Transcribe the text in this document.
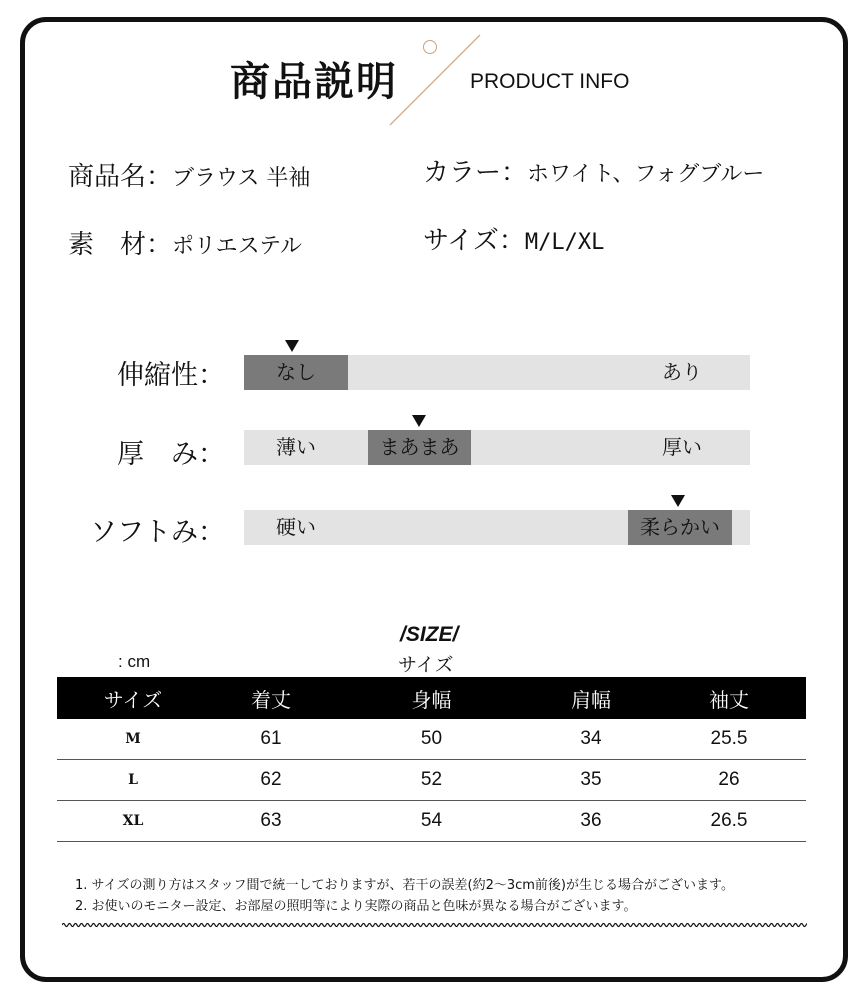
商品説明	PRODUCT INFO
商品名：ブラウス 半袖	カラー：ホワイト、フォグブルー
素　材：ポリエステル	サイズ：M/L/XL
伸縮性：	なし	あり
厚　み：	薄い	まあまあ	厚い
ソフトみ：	硬い	柔らかい
/SIZE/
サイズ
: cm
サイズ	着丈	身幅	肩幅	袖丈
M	61	50	34	25.5
L	62	52	35	26
XL	63	54	36	26.5
1. サイズの測り方はスタッフ間で統一しておりますが、若干の誤差(約2〜3cm前後)が生じる場合がございます。
2. お使いのモニター設定、お部屋の照明等により実際の商品と色味が異なる場合がございます。
